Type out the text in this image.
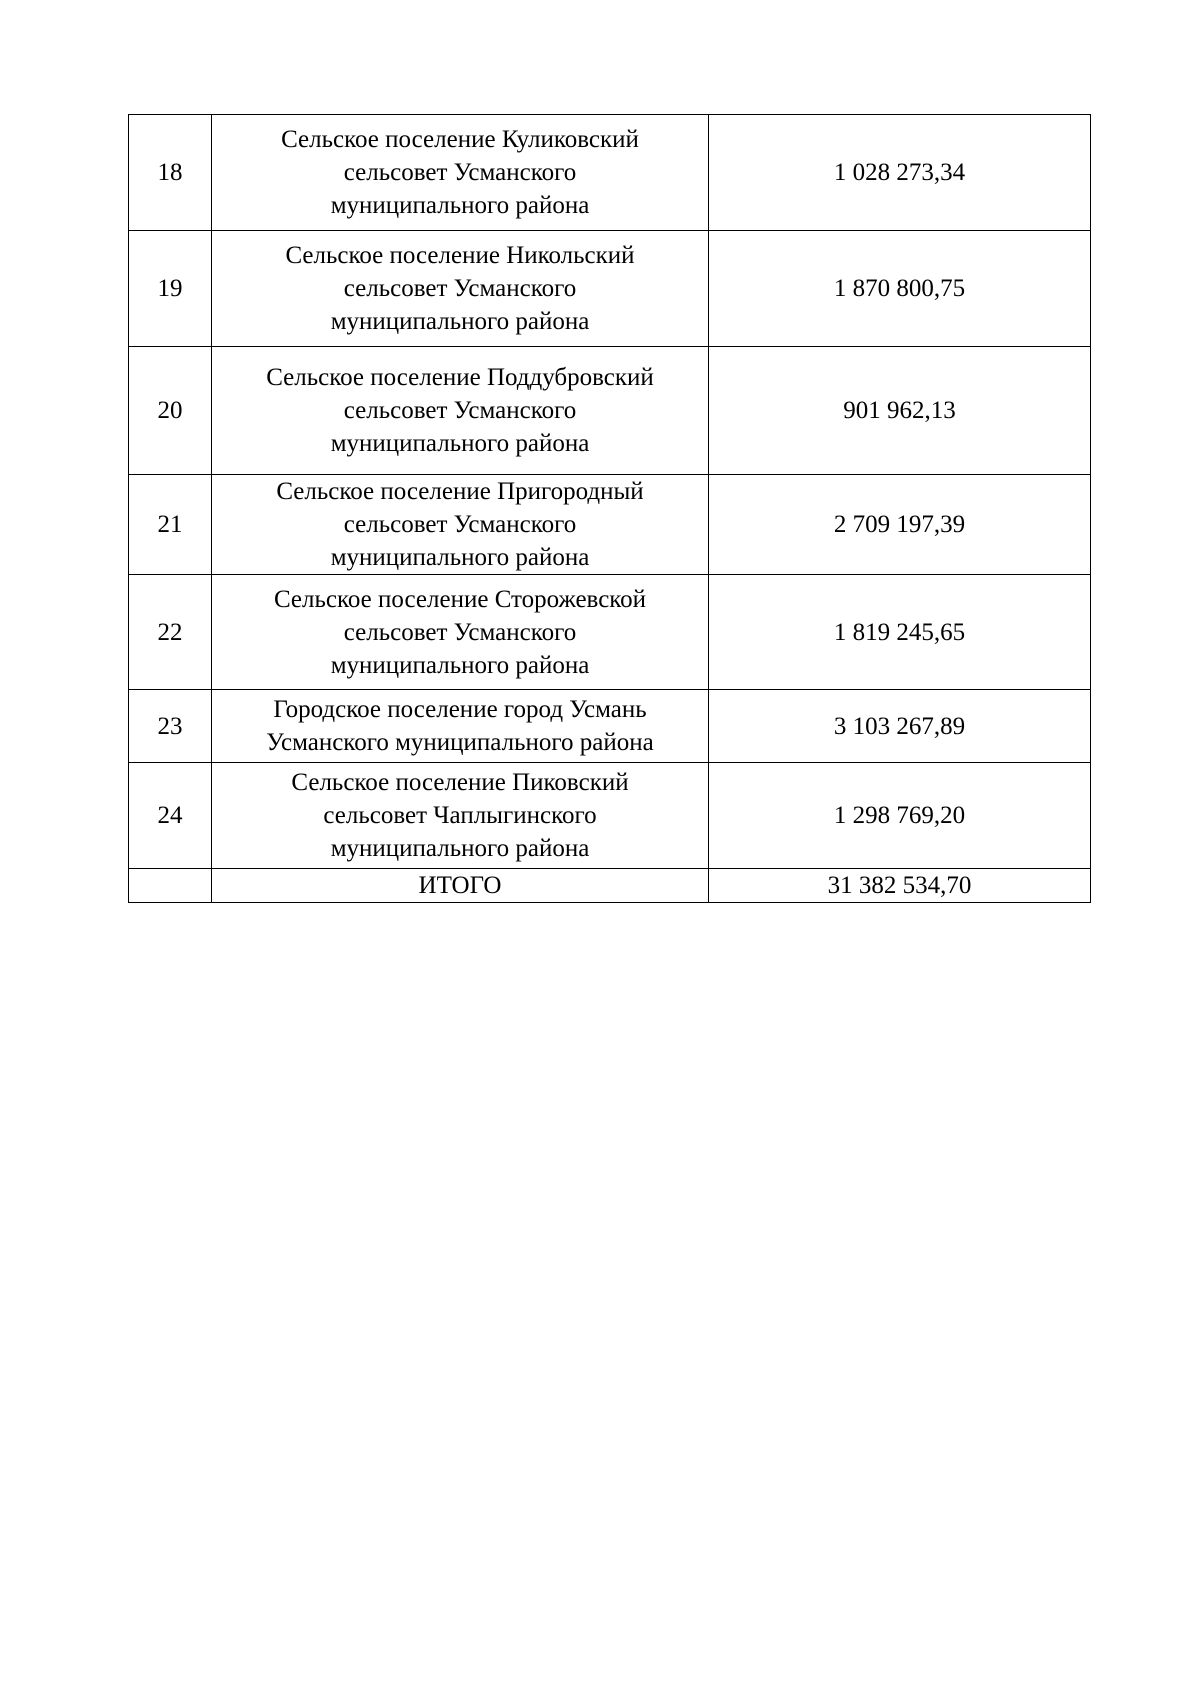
18	Сельское поселение Куликовский
сельсовет Усманского
муниципального района	1 028 273,34
19	Сельское поселение Никольский
сельсовет Усманского
муниципального района	1 870 800,75
20	Сельское поселение Поддубровский
сельсовет Усманского
муниципального района	901 962,13
21	Сельское поселение Пригородный
сельсовет Усманского
муниципального района	2 709 197,39
22	Сельское поселение Сторожевской
сельсовет Усманского
муниципального района	1 819 245,65
23	Городское поселение город Усмань
Усманского муниципального района	3 103 267,89
24	Сельское поселение Пиковский
сельсовет Чаплыгинского
муниципального района	1 298 769,20
	ИТОГО	31 382 534,70
